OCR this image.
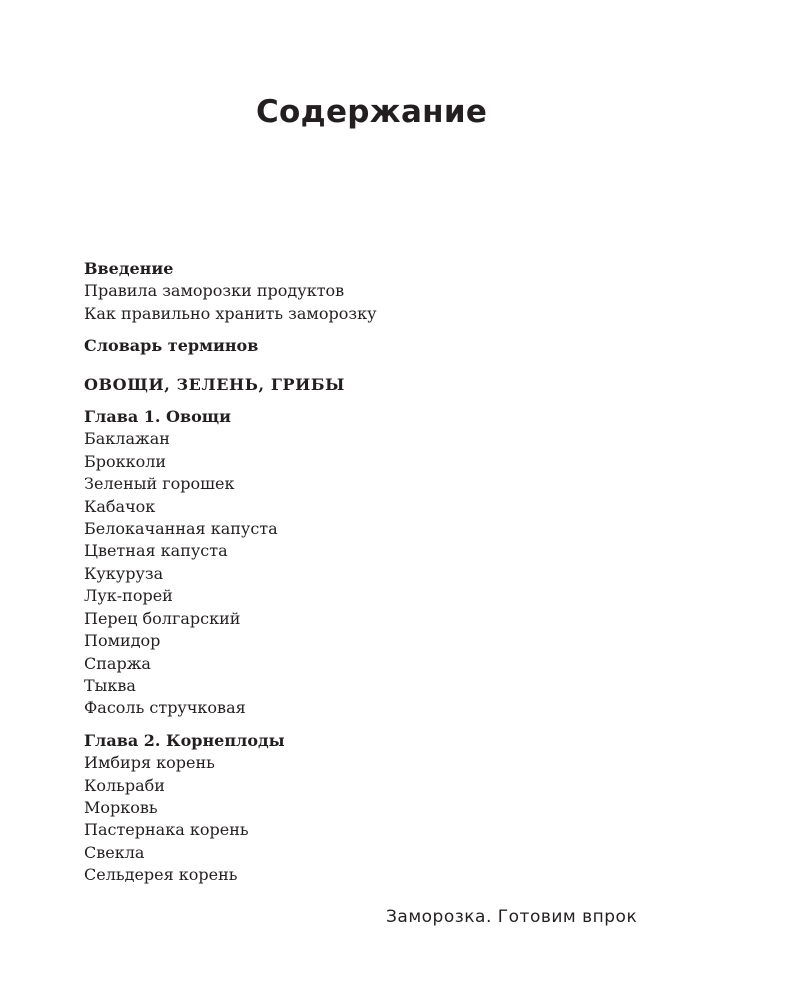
Содержание
Введение
Правила заморозки продуктов
Как правильно хранить заморозку
Словарь терминов
ОВОЩИ, ЗЕЛЕНЬ, ГРИБЫ
Глава 1. Овощи
Баклажан
Брокколи
Зеленый горошек
Кабачок
Белокачанная капуста
Цветная капуста
Кукуруза
Лук-порей
Перец болгарский
Помидор
Спаржа
Тыква
Фасоль стручковая
Глава 2. Корнеплоды
Имбиря корень
Кольраби
Морковь
Пастернака корень
Свекла
Сельдерея корень
Заморозка. Готовим впрок
